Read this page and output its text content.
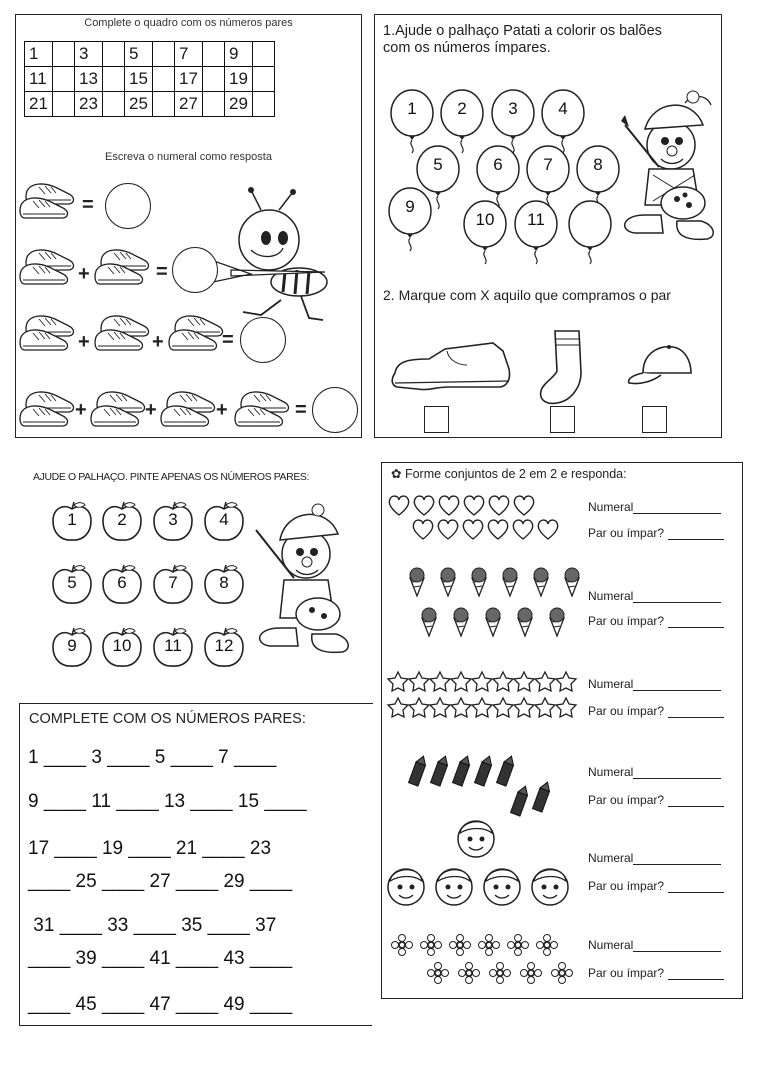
Complete o quadro com os números pares
1		3		5		7		9	
11		13		15		17		19	
21		23		25		27		29	
Escreva o numeral como resposta
=
+	=
+	+	=
+	+	+	=
1.Ajude o palhaço Patati a colorir os balões
com os números ímpares.
1	2	3	4
5	6	7	8
9
10	11
2. Marque com X aquilo que compramos o par
AJUDE O PALHAÇO. PINTE APENAS OS NÚMEROS PARES:
1	2	3	4
5	6	7	8
9	10	11	12
COMPLETE COM OS NÚMEROS PARES:
1 ____ 3 ____ 5 ____ 7 ____
9 ____ 11 ____ 13 ____ 15 ____
17 ____ 19 ____ 21 ____ 23
____ 25 ____ 27 ____ 29 ____
31 ____ 33 ____ 35 ____ 37
____ 39 ____ 41 ____ 43 ____
____ 45 ____ 47 ____ 49 ____
✿ Forme conjuntos de 2 em 2 e responda:
Numeral
Par ou ímpar?
Numeral
Par ou ímpar?
Numeral
Par ou ímpar?
Numeral
Par ou ímpar?
Numeral
Par ou ímpar?
Numeral
Par ou ímpar?
